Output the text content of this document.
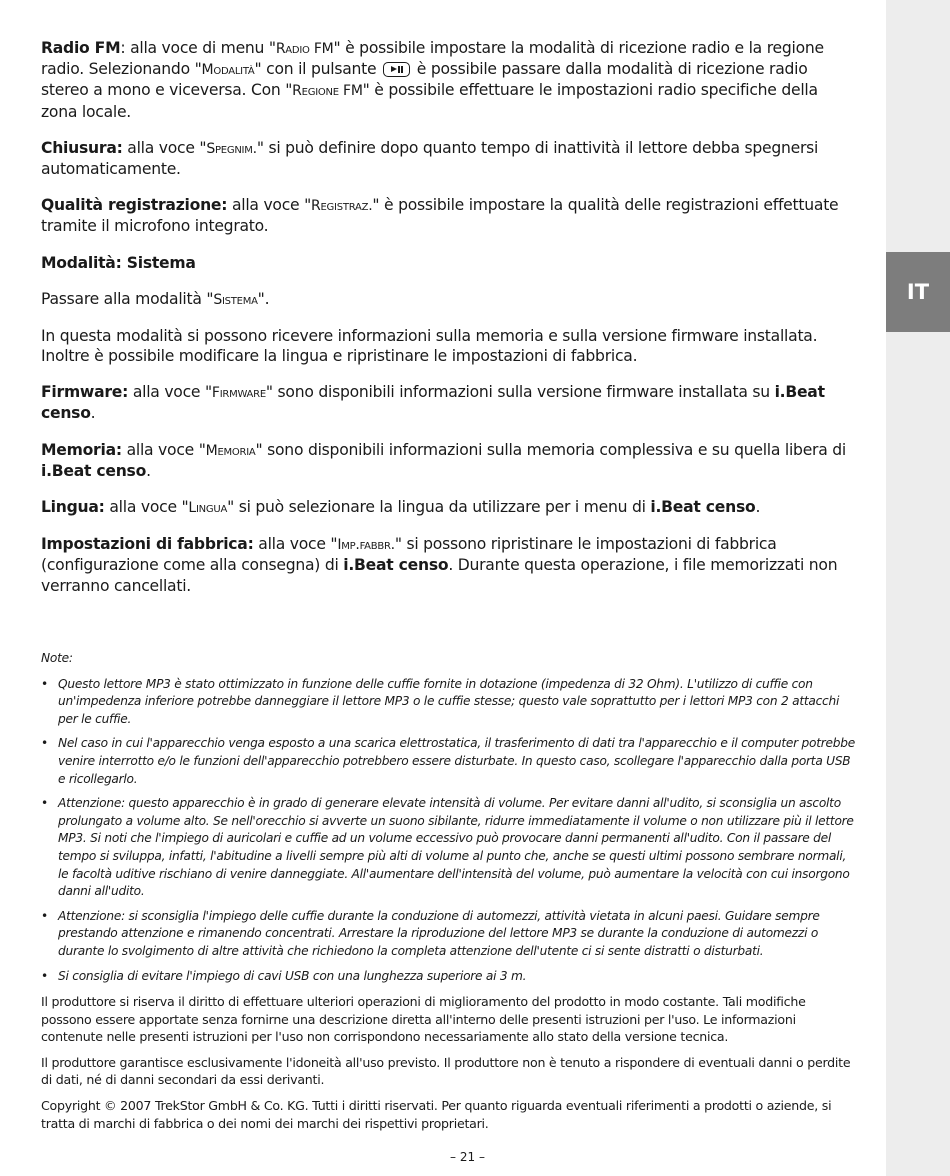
IT

Radio FM: alla voce di menu "Radio FM" è possibile impostare la modalità di ricezione radio e la regione radio. Selezionando "Modalità" con il pulsante	è possibile passare dalla modalità di ricezione radio stereo a mono e viceversa. Con "Regione FM" è possibile effettuare le impostazioni radio specifiche della zona locale.

Chiusura: alla voce "Spegnim." si può definire dopo quanto tempo di inattività il lettore debba spegnersi automaticamente.

Qualità registrazione: alla voce "Registraz." è possibile impostare la qualità delle registrazioni effettuate tramite il microfono integrato.

Modalità: Sistema

Passare alla modalità "Sistema".

In questa modalità si possono ricevere informazioni sulla memoria e sulla versione firmware installata. Inoltre è possibile modificare la lingua e ripristinare le impostazioni di fabbrica.

Firmware: alla voce "Firmware" sono disponibili informazioni sulla versione firmware installata su i.Beat censo.

Memoria: alla voce "Memoria" sono disponibili informazioni sulla memoria complessiva e su quella libera di i.Beat censo.

Lingua: alla voce "Lingua" si può selezionare la lingua da utilizzare per i menu di i.Beat censo.

Impostazioni di fabbrica: alla voce "Imp.fabbr." si possono ripristinare le impostazioni di fabbrica (configurazione come alla consegna) di i.Beat censo. Durante questa operazione, i file memorizzati non verranno cancellati.

Note:

• Questo lettore MP3 è stato ottimizzato in funzione delle cuffie fornite in dotazione (impedenza di 32 Ohm). L'utilizzo di cuffie con un'impedenza inferiore potrebbe danneggiare il lettore MP3 o le cuffie stesse; questo vale soprattutto per i lettori MP3 con 2 attacchi per le cuffie.
• Nel caso in cui l'apparecchio venga esposto a una scarica elettrostatica, il trasferimento di dati tra l'apparecchio e il computer potrebbe venire interrotto e/o le funzioni dell'apparecchio potrebbero essere disturbate. In questo caso, scollegare l'apparecchio dalla porta USB e ricollegarlo.
• Attenzione: questo apparecchio è in grado di generare elevate intensità di volume. Per evitare danni all'udito, si sconsiglia un ascolto prolungato a volume alto. Se nell'orecchio si avverte un suono sibilante, ridurre immediatamente il volume o non utilizzare più il lettore MP3. Si noti che l'impiego di auricolari e cuffie ad un volume eccessivo può provocare danni permanenti all'udito. Con il passare del tempo si sviluppa, infatti, l'abitudine a livelli sempre più alti di volume al punto che, anche se questi ultimi possono sembrare normali, le facoltà uditive rischiano di venire danneggiate. All'aumentare dell'intensità del volume, può aumentare la velocità con cui insorgono danni all'udito.
• Attenzione: si sconsiglia l'impiego delle cuffie durante la conduzione di automezzi, attività vietata in alcuni paesi. Guidare sempre prestando attenzione e rimanendo concentrati. Arrestare la riproduzione del lettore MP3 se durante la conduzione di automezzi o durante lo svolgimento di altre attività che richiedono la completa attenzione dell'utente ci si sente distratti o disturbati.
• Si consiglia di evitare l'impiego di cavi USB con una lunghezza superiore ai 3 m.

Il produttore si riserva il diritto di effettuare ulteriori operazioni di miglioramento del prodotto in modo costante. Tali modifiche possono essere apportate senza fornirne una descrizione diretta all'interno delle presenti istruzioni per l'uso. Le informazioni contenute nelle presenti istruzioni per l'uso non corrispondono necessariamente allo stato della versione tecnica.

Il produttore garantisce esclusivamente l'idoneità all'uso previsto. Il produttore non è tenuto a rispondere di eventuali danni o perdite di dati, né di danni secondari da essi derivanti.

Copyright © 2007 TrekStor GmbH & Co. KG. Tutti i diritti riservati. Per quanto riguarda eventuali riferimenti a prodotti o aziende, si tratta di marchi di fabbrica o dei nomi dei marchi dei rispettivi proprietari.

– 21 –
